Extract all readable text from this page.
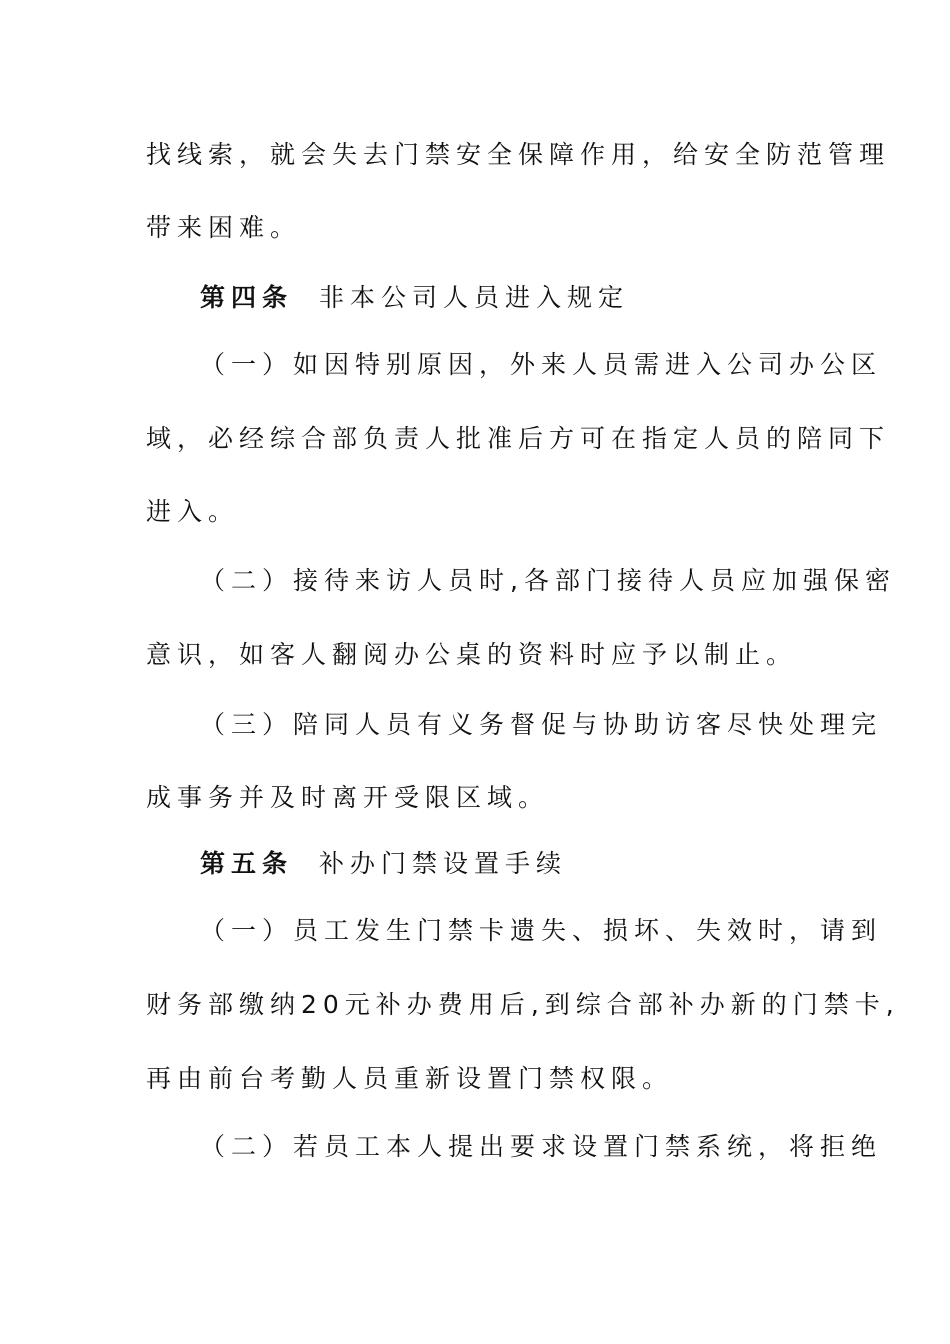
找线索，就会失去门禁安全保障作用，给安全防范管理
带来困难。
第四条 非本公司人员进入规定
（一）如因特别原因，外来人员需进入公司办公区
域，必经综合部负责人批准后方可在指定人员的陪同下
进入。
（二）接待来访人员时,各部门接待人员应加强保密
意识，如客人翻阅办公桌的资料时应予以制止。
（三）陪同人员有义务督促与协助访客尽快处理完
成事务并及时离开受限区域。
第五条 补办门禁设置手续
（一）员工发生门禁卡遗失、损坏、失效时，请到
财务部缴纳20元补办费用后,到综合部补办新的门禁卡,
再由前台考勤人员重新设置门禁权限。
（二）若员工本人提出要求设置门禁系统，将拒绝
